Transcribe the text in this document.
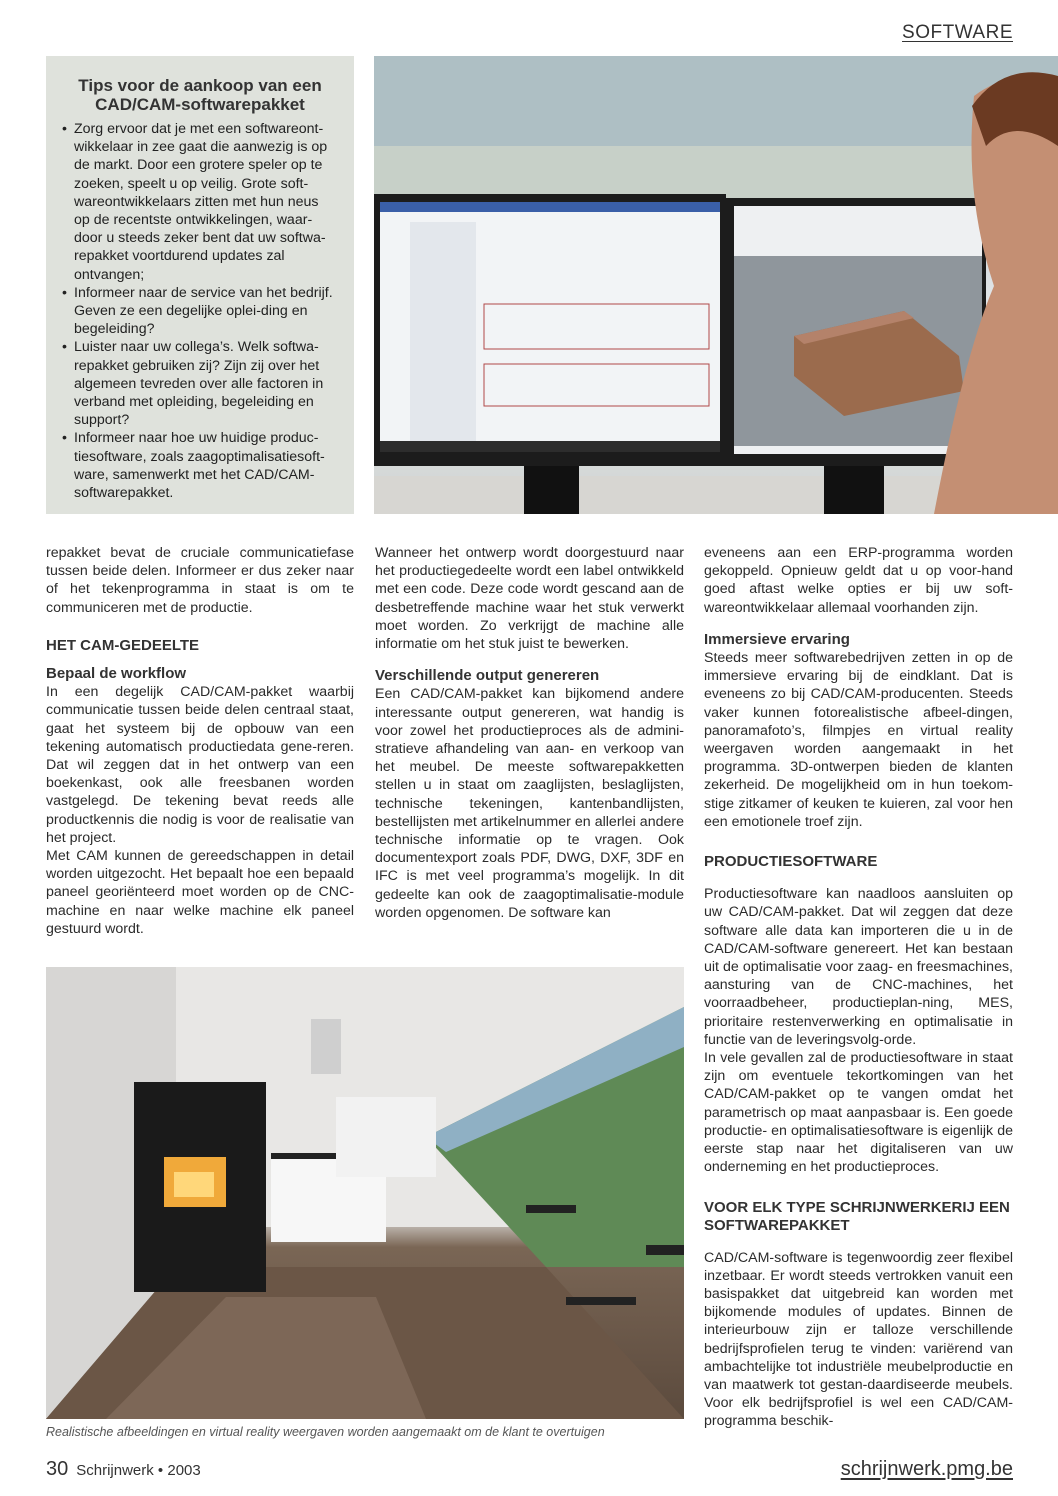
SOFTWARE
Tips voor de aankoop van een CAD/CAM-softwarepakket
• Zorg ervoor dat je met een softwareont-wikkelaar in zee gaat die aanwezig is op de markt. Door een grotere speler op te zoeken, speelt u op veilig. Grote soft-wareontwikkelaars zitten met hun neus op de recentste ontwikkelingen, waar-door u steeds zeker bent dat uw softwa-repakket voortdurend updates zal ontvangen;
• Informeer naar de service van het bedrijf. Geven ze een degelijke oplei-ding en begeleiding?
• Luister naar uw collega’s. Welk softwa-repakket gebruiken zij? Zijn zij over het algemeen tevreden over alle factoren in verband met opleiding, begeleiding en support?
• Informeer naar hoe uw huidige produc-tiesoftware, zoals zaagoptimalisatiesoft-ware, samenwerkt met het CAD/CAM-softwarepakket.

repakket bevat de cruciale communicatiefase tussen beide delen. Informeer er dus zeker naar of het tekenprogramma in staat is om te communiceren met de productie.

HET CAM-GEDEELTE
Bepaal de workflow

In een degelijk CAD/CAM-pakket waarbij communicatie tussen beide delen centraal staat, gaat het systeem bij de opbouw van een tekening automatisch productiedata gene-reren. Dat wil zeggen dat in het ontwerp van een boekenkast, ook alle freesbanen worden vastgelegd. De tekening bevat reeds alle productkennis die nodig is voor de realisatie van het project.

Met CAM kunnen de gereedschappen in detail worden uitgezocht. Het bepaalt hoe een bepaald paneel georiënteerd moet worden op de CNC-machine en naar welke machine elk paneel gestuurd wordt.

Wanneer het ontwerp wordt doorgestuurd naar het productiegedeelte wordt een label ontwikkeld met een code. Deze code wordt gescand aan de desbetreffende machine waar het stuk verwerkt moet worden. Zo verkrijgt de machine alle informatie om het stuk juist te bewerken.

Verschillende output genereren

Een CAD/CAM-pakket kan bijkomend andere interessante output genereren, wat handig is voor zowel het productieproces als de admini-stratieve afhandeling van aan- en verkoop van het meubel. De meeste softwarepakketten stellen u in staat om zaaglijsten, beslaglijsten, technische tekeningen, kantenbandlijsten, bestellijsten met artikelnummer en allerlei andere technische informatie op te vragen. Ook documentexport zoals PDF, DWG, DXF, 3DF en IFC is met veel programma’s mogelijk. In dit gedeelte kan ook de zaagoptimalisatie-module worden opgenomen. De software kan

eveneens aan een ERP-programma worden gekoppeld. Opnieuw geldt dat u op voor-hand goed aftast welke opties er bij uw soft-wareontwikkelaar allemaal voorhanden zijn.

Immersieve ervaring

Steeds meer softwarebedrijven zetten in op de immersieve ervaring bij de eindklant. Dat is eveneens zo bij CAD/CAM-producenten. Steeds vaker kunnen fotorealistische afbeel-dingen, panoramafoto’s, filmpjes en virtual reality weergaven worden aangemaakt in het programma. 3D-ontwerpen bieden de klanten zekerheid. De mogelijkheid om in hun toekom-stige zitkamer of keuken te kuieren, zal voor hen een emotionele troef zijn.

PRODUCTIESOFTWARE

Productiesoftware kan naadloos aansluiten op uw CAD/CAM-pakket. Dat wil zeggen dat deze software alle data kan importeren die u in de CAD/CAM-software genereert. Het kan bestaan uit de optimalisatie voor zaag- en freesmachines, aansturing van de CNC-machines, het voorraadbeheer, productieplan-ning, MES, prioritaire restenverwerking en optimalisatie in functie van de leveringsvolg-orde.

In vele gevallen zal de productiesoftware in staat zijn om eventuele tekortkomingen van het CAD/CAM-pakket op te vangen omdat het parametrisch op maat aanpasbaar is. Een goede productie- en optimalisatiesoftware is eigenlijk de eerste stap naar het digitaliseren van uw onderneming en het productieproces.

VOOR ELK TYPE SCHRIJNWERKERIJ EEN SOFTWAREPAKKET

CAD/CAM-software is tegenwoordig zeer flexibel inzetbaar. Er wordt steeds vertrokken vanuit een basispakket dat uitgebreid kan worden met bijkomende modules of updates. Binnen de interieurbouw zijn er talloze verschillende bedrijfsprofielen terug te vinden: variërend van ambachtelijke tot industriële meubelproductie en van maatwerk tot gestan-daardiseerde meubels. Voor elk bedrijfsprofiel is wel een CAD/CAM-programma beschik-

Realistische afbeeldingen en virtual reality weergaven worden aangemaakt om de klant te overtuigen
30 Schrijnwerk • 2003	schrijnwerk.pmg.be
